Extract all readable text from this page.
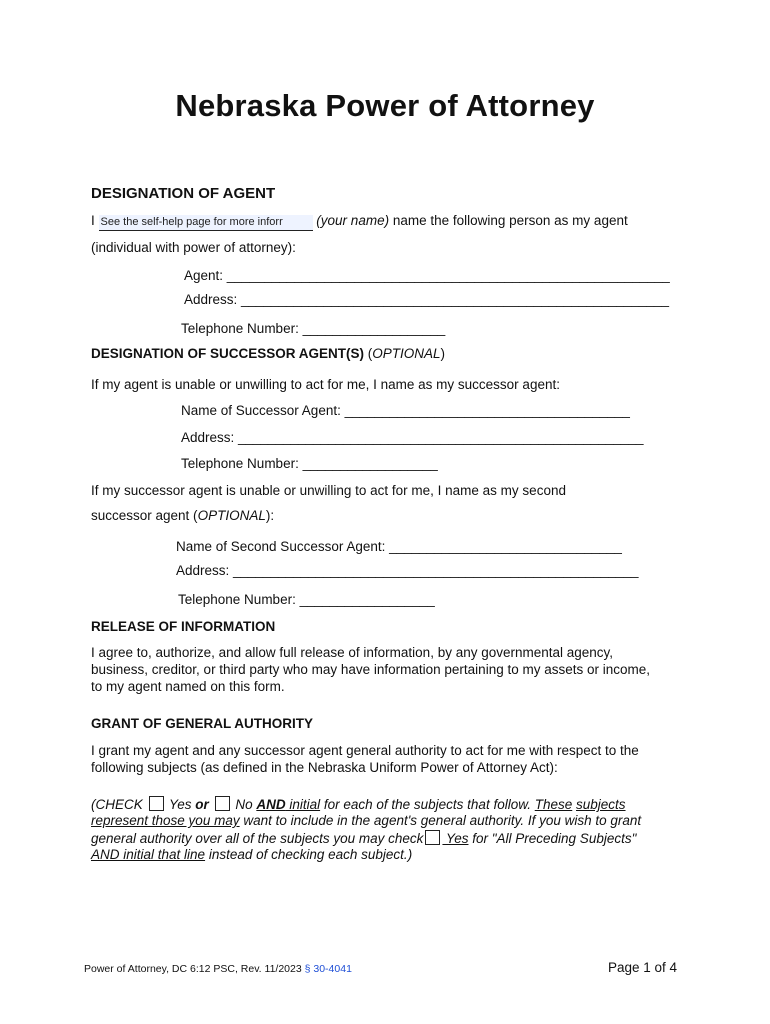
Nebraska Power of Attorney
DESIGNATION OF AGENT
I See the self-help page for more inforr	(your name) name the following person as my agent
(individual with power of attorney):
Agent: ___________________________________________________________
Address: _________________________________________________________
Telephone Number: ___________________
DESIGNATION OF SUCCESSOR AGENT(S) (OPTIONAL)
If my agent is unable or unwilling to act for me, I name as my successor agent:
Name of Successor Agent: ______________________________________
Address: ______________________________________________________
Telephone Number: __________________
If my successor agent is unable or unwilling to act for me, I name as my second
successor agent (OPTIONAL):
Name of Second Successor Agent: _______________________________
Address: ______________________________________________________
Telephone Number: __________________
RELEASE OF INFORMATION
I agree to, authorize, and allow full release of information, by any governmental agency,
business, creditor, or third party who may have information pertaining to my assets or income,
to my agent named on this form.
GRANT OF GENERAL AUTHORITY
I grant my agent and any successor agent general authority to act for me with respect to the
following subjects (as defined in the Nebraska Uniform Power of Attorney Act):
(CHECK  Yes or  No AND initial for each of the subjects that follow. These subjects
represent those you may want to include in the agent's general authority. If you wish to grant
general authority over all of the subjects you may check Yes for "All Preceding Subjects"
AND initial that line instead of checking each subject.)
Power of Attorney, DC 6:12 PSC, Rev. 11/2023 § 30-4041	Page 1 of 4
